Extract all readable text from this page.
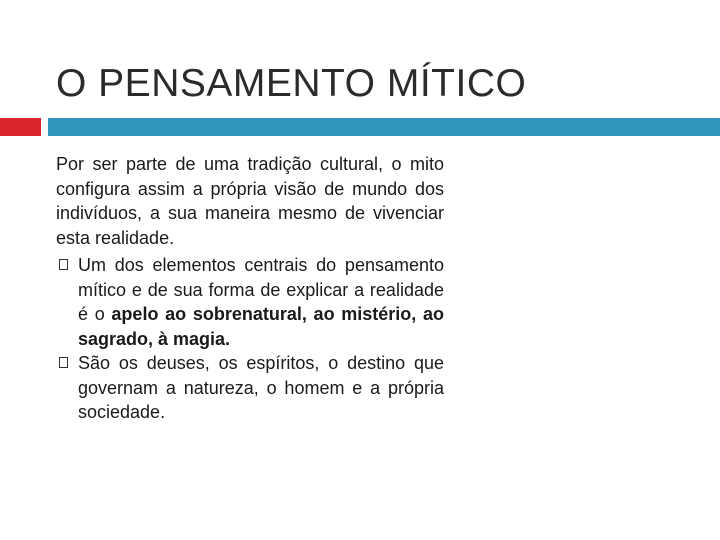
O PENSAMENTO MÍTICO

Por ser parte de uma tradição cultural, o mito configura assim a própria visão de mundo dos indivíduos, a sua maneira mesmo de vivenciar esta realidade.

Um dos elementos centrais do pensamento mítico e de sua forma de explicar a realidade é o apelo ao sobrenatural, ao mistério, ao sagrado, à magia.
São os deuses, os espíritos, o destino que governam a natureza, o homem e a própria sociedade.
